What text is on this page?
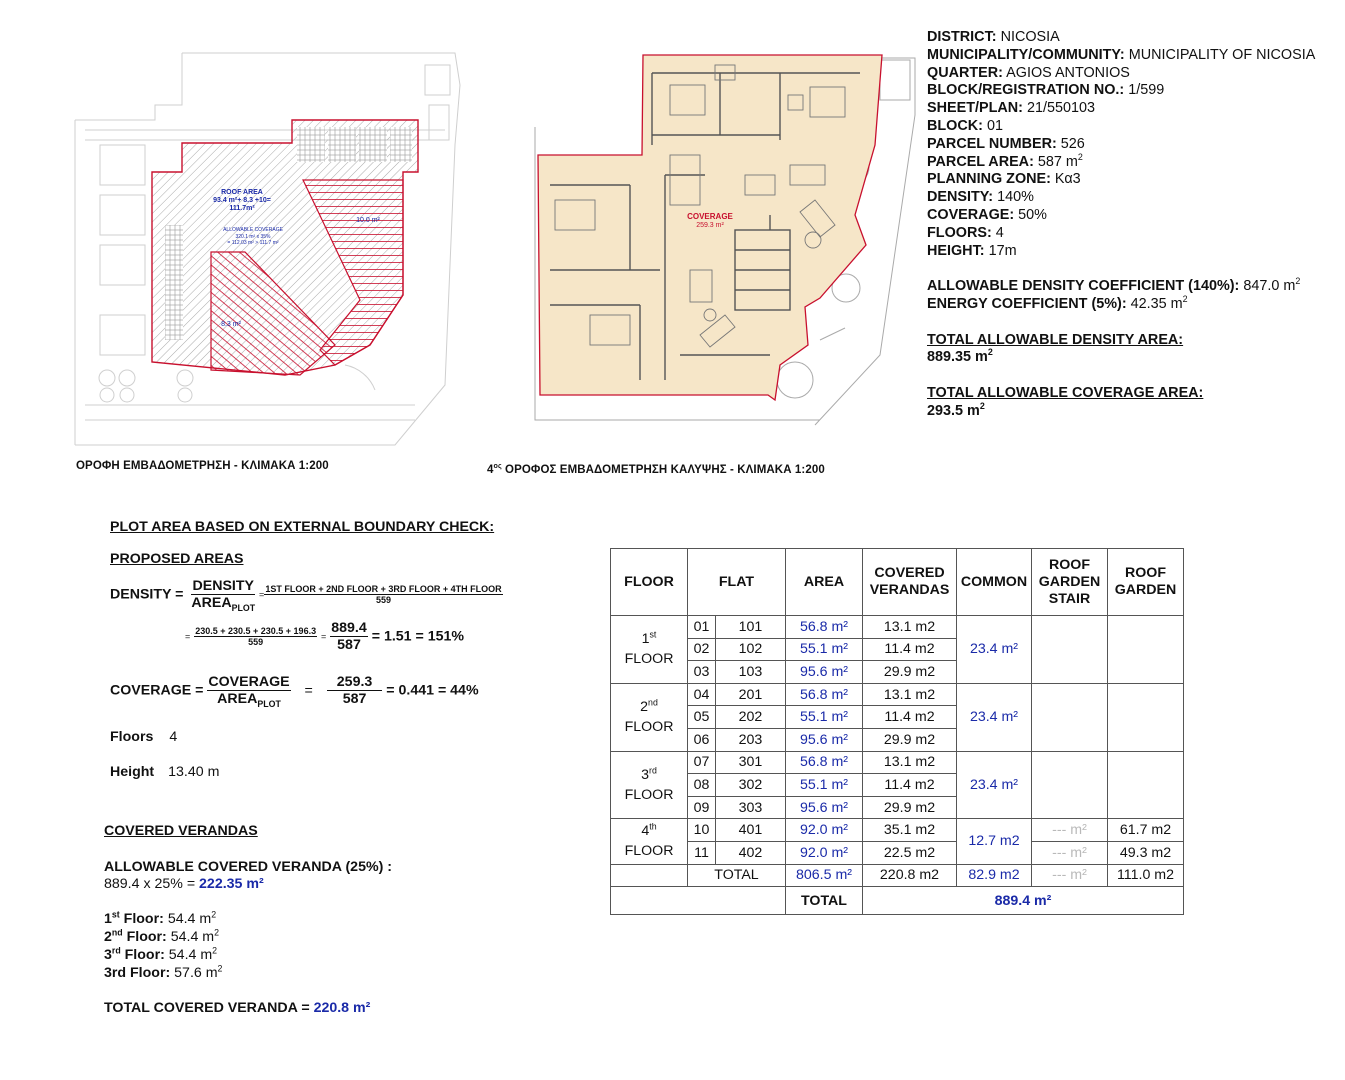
ROOF AREA
93.4 m²+ 8.3 +10=
111.7m²
ALLOWABLE COVERAGE
320.1 m² x 35%
= 112.03 m² > 111.7 m²
10.0 m²
8.3 m²
ΟΡΟΦΗ ΕΜΒΑΔΟΜΕΤΡΗΣΗ - ΚΛΙΜΑΚΑ 1:200
COVERAGE
259.3 m²
$4^{o\varsigma}$ ΟΡΟΦΟΣ ΕΜΒΑΔΟΜΕΤΡΗΣΗ ΚΑΛΥΨΗΣ - ΚΛΙΜΑΚΑ 1:200
DISTRICT: NICOSIA
MUNICIPALITY/COMMUNITY: MUNICIPALITY OF NICOSIA
QUARTER: AGIOS ANTONIOS
BLOCK/REGISTRATION NO.: 1/599
SHEET/PLAN: 21/550103
BLOCK: 01
PARCEL NUMBER: 526
PARCEL AREA: 587 $m^2$
PLANNING ZONE: Κα3
DENSITY: 140%
COVERAGE: 50%
FLOORS: 4
HEIGHT: 17m
ALLOWABLE DENSITY COEFFICIENT (140%): 847.0 $m^2$
ENERGY COEFFICIENT (5%): 42.35 $m^2$
TOTAL ALLOWABLE DENSITY AREA:
889.35 $m^2$
TOTAL ALLOWABLE COVERAGE AREA:
293.5 $m^2$
PLOT AREA BASED ON EXTERNAL BOUNDARY CHECK:
PROPOSED AREAS
DENSITY = $\frac{\text{DENSITY}}{AREA_{PLOT}} = \frac{\text{1ST FLOOR + 2ND FLOOR + 3RD FLOOR + 4TH FLOOR}}{559}$
= $\frac{230.5 + 230.5 + 230.5 + 196.3}{559} = \frac{889.4}{587} = 1.51 = 151\%$
COVERAGE = $\frac{\text{COVERAGE}}{AREA_{PLOT}} = \frac{259.3}{587} = 0.441 = 44\%$
Floors 4
Height 13.40 m
COVERED VERANDAS
ALLOWABLE COVERED VERANDA (25%) :
889.4 x 25% = 222.35 m²
1st Floor: 54.4 $m^2$
2nd Floor: 54.4 $m^2$
3rd Floor: 54.4 $m^2$
3rd Floor: 57.6 $m^2$
TOTAL COVERED VERANDA = 220.8 m²
FLOOR	FLAT		AREA	COVERED VERANDAS	COMMON	ROOF GARDEN STAIR	ROOF GARDEN
1st
FLOOR	01	101	56.8 m²	13.1 m2	23.4 m²		
	02	102	55.1 m²	11.4 m2			
	03	103	95.6 m²	29.9 m2			
2nd
FLOOR	04	201	56.8 m²	13.1 m2	23.4 m²		
	05	202	55.1 m²	11.4 m2			
	06	203	95.6 m²	29.9 m2			
3rd
FLOOR	07	301	56.8 m²	13.1 m2	23.4 m²		
	08	302	55.1 m²	11.4 m2			
	09	303	95.6 m²	29.9 m2			
4th
FLOOR	10	401	92.0 m²	35.1 m2	12.7 m2	--- m²	61.7 m2
	11	402	92.0 m²	22.5 m2		--- m²	49.3 m2
	TOTAL		806.5 m²	220.8 m2	82.9 m2	--- m²	111.0 m2
			TOTAL	889.4 m²			
